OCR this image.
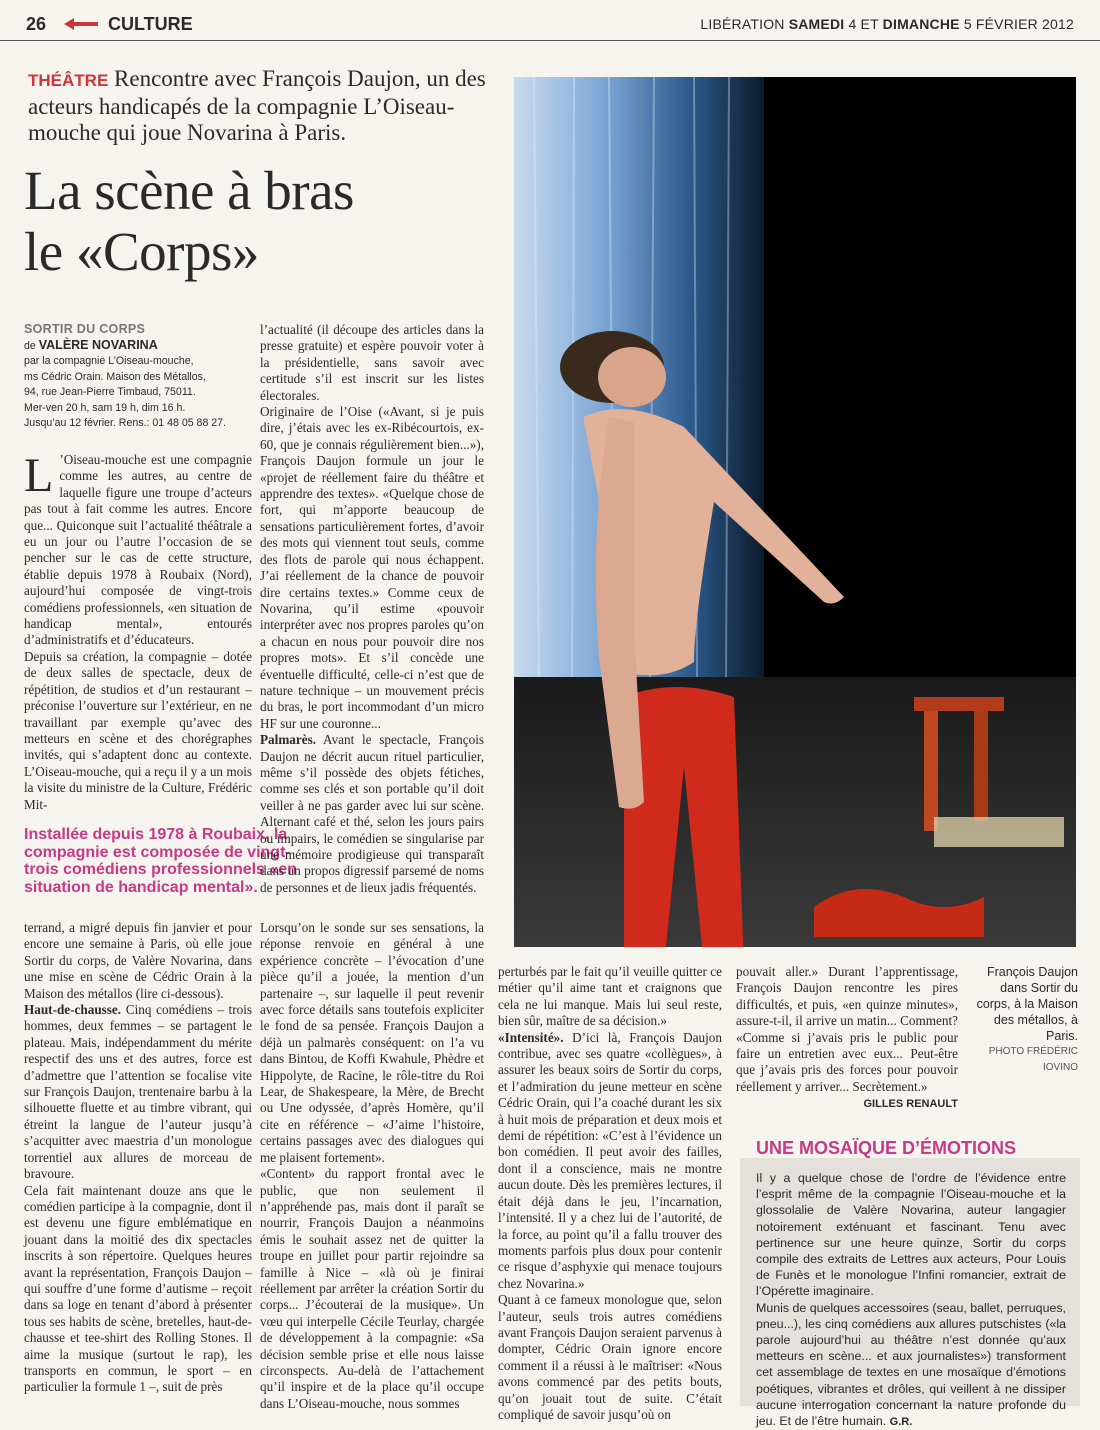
26	CULTURE	LIBÉRATION SAMEDI 4 ET DIMANCHE 5 FÉVRIER 2012
THÉÂTRE Rencontre avec François Daujon, un des acteurs handicapés de la compagnie L’Oiseau-mouche qui joue Novarina à Paris.
La scène à bras
le «Corps»
SORTIR DU CORPS
de VALÈRE NOVARINA
par la compagnie L’Oiseau-mouche,
ms Cédric Orain. Maison des Métallos,
94, rue Jean-Pierre Timbaud, 75011.
Mer-ven 20 h, sam 19 h, dim 16 h.
Jusqu’au 12 février. Rens.: 01 48 05 88 27.
L ’Oiseau-mouche est une compagnie comme les autres, au centre de laquelle figure une troupe d’acteurs pas tout à fait comme les autres. Encore que... Quiconque suit l’actualité théâtrale a eu un jour ou l’autre l’occasion de se pencher sur le cas de cette structure, établie depuis 1978 à Roubaix (Nord), aujourd’hui composée de vingt-trois comédiens professionnels, «en situation de handicap mental», entourés d’administratifs et d’éducateurs.

Depuis sa création, la compagnie – dotée de deux salles de spectacle, deux de répétition, de studios et d’un restaurant – préconise l’ouverture sur l’extérieur, en ne travaillant par exemple qu’avec des metteurs en scène et des chorégraphes invités, qui s’adaptent donc au contexte. L’Oiseau-mouche, qui a reçu il y a un mois la visite du ministre de la Culture, Frédéric Mit-

Installée depuis 1978 à Roubaix, la compagnie est composée de vingt-trois comédiens professionnels «en situation de handicap mental».

terrand, a migré depuis fin janvier et pour encore une semaine à Paris, où elle joue Sortir du corps, de Valère Novarina, dans une mise en scène de Cédric Orain à la Maison des métallos (lire ci-dessous).

Haut-de-chausse. Cinq comédiens – trois hommes, deux femmes – se partagent le plateau. Mais, indépendamment du mérite respectif des uns et des autres, force est d’admettre que l’attention se focalise vite sur François Daujon, trentenaire barbu à la silhouette fluette et au timbre vibrant, qui étreint la langue de l’auteur jusqu’à s’acquitter avec maestria d’un monologue torrentiel aux allures de morceau de bravoure.

Cela fait maintenant douze ans que le comédien participe à la compagnie, dont il est devenu une figure emblématique en jouant dans la moitié des dix spectacles inscrits à son répertoire. Quelques heures avant la représentation, François Daujon – qui souffre d’une forme d’autisme – reçoit dans sa loge en tenant d’abord à présenter tous ses habits de scène, bretelles, haut-de-chausse et tee-shirt des Rolling Stones. Il aime la musique (surtout le rap), les transports en commun, le sport – en particulier la formule 1 –, suit de près

l’actualité (il découpe des articles dans la presse gratuite) et espère pouvoir voter à la présidentielle, sans savoir avec certitude s’il est inscrit sur les listes électorales.

Originaire de l’Oise («Avant, si je puis dire, j’étais avec les ex-Ribécourtois, ex-60, que je connais régulièrement bien...»), François Daujon formule un jour le «projet de réellement faire du théâtre et apprendre des textes». «Quelque chose de fort, qui m’apporte beaucoup de sensations particulièrement fortes, d’avoir des mots qui viennent tout seuls, comme des flots de parole qui nous échappent. J’ai réellement de la chance de pouvoir dire certains textes.» Comme ceux de Novarina, qu’il estime «pouvoir interpréter avec nos propres paroles qu’on a chacun en nous pour pouvoir dire nos propres mots». Et s’il concède une éventuelle difficulté, celle-ci n’est que de nature technique – un mouvement précis du bras, le port incommodant d’un micro HF sur une couronne...

Palmarès. Avant le spectacle, François Daujon ne décrit aucun rituel particulier, même s’il possède des objets fétiches, comme ses clés et son portable qu’il doit veiller à ne pas garder avec lui sur scène. Alternant café et thé, selon les jours pairs ou impairs, le comédien se singularise par une mémoire prodigieuse qui transparaît dans un propos digressif parsemé de noms de personnes et de lieux jadis fréquentés.

Lorsqu’on le sonde sur ses sensations, la réponse renvoie en général à une expérience concrète – l’évocation d’une pièce qu’il a jouée, la mention d’un partenaire –, sur laquelle il peut revenir avec force détails sans toutefois expliciter le fond de sa pensée. François Daujon a déjà un palmarès conséquent: on l’a vu dans Bintou, de Koffi Kwahule, Phèdre et Hippolyte, de Racine, le rôle-titre du Roi Lear, de Shakespeare, la Mère, de Brecht ou Une odyssée, d’après Homère, qu’il cite en référence – «J’aime l’histoire, certains passages avec des dialogues qui me plaisent fortement».

«Content» du rapport frontal avec le public, que non seulement il n’appréhende pas, mais dont il paraît se nourrir, François Daujon a néanmoins émis le souhait assez net de quitter la troupe en juillet pour partir rejoindre sa famille à Nice – «là où je finirai réellement par arrêter la création Sortir du corps... J’écouterai de la musique». Un vœu qui interpelle Cécile Teurlay, chargée de développement à la compagnie: «Sa décision semble prise et elle nous laisse circonspects. Au-delà de l’attachement qu’il inspire et de la place qu’il occupe dans L’Oiseau-mouche, nous sommes

perturbés par le fait qu’il veuille quitter ce métier qu’il aime tant et craignons que cela ne lui manque. Mais lui seul reste, bien sûr, maître de sa décision.»

«Intensité». D’ici là, François Daujon contribue, avec ses quatre «collègues», à assurer les beaux soirs de Sortir du corps, et l’admiration du jeune metteur en scène Cédric Orain, qui l’a coaché durant les six à huit mois de préparation et deux mois et demi de répétition: «C’est à l’évidence un bon comédien. Il peut avoir des failles, dont il a conscience, mais ne montre aucun doute. Dès les premières lectures, il était déjà dans le jeu, l’incarnation, l’intensité. Il y a chez lui de l’autorité, de la force, au point qu’il a fallu trouver des moments parfois plus doux pour contenir ce risque d’asphyxie qui menace toujours chez Novarina.»

Quant à ce fameux monologue que, selon l’auteur, seuls trois autres comédiens avant François Daujon seraient parvenus à dompter, Cédric Orain ignore encore comment il a réussi à le maîtriser: «Nous avons commencé par des petits bouts, qu’on jouait tout de suite. C’était compliqué de savoir jusqu’où on

pouvait aller.» Durant l’apprentissage, François Daujon rencontre les pires difficultés, et puis, «en quinze minutes», assure-t-il, il arrive un matin... Comment? «Comme si j’avais pris le public pour faire un entretien avec eux... Peut-être que j’avais pris des forces pour pouvoir réellement y arriver... Secrètement.»

GILLES RENAULT

François Daujon dans Sortir du corps, à la Maison des métallos, à Paris.
PHOTO FRÉDÉRIC IOVINO
UNE MOSAÏQUE D’ÉMOTIONS

Il y a quelque chose de l’ordre de l’évidence entre l’esprit même de la compagnie l’Oiseau-mouche et la glossolalie de Valère Novarina, auteur langagier notoirement exténuant et fascinant. Tenu avec pertinence sur une heure quinze, Sortir du corps compile des extraits de Lettres aux acteurs, Pour Louis de Funès et le monologue l’Infini romancier, extrait de l’Opérette imaginaire.

Munis de quelques accessoires (seau, ballet, perruques, pneu...), les cinq comédiens aux allures putschistes («la parole aujourd’hui au théâtre n’est donnée qu’aux metteurs en scène... et aux journalistes») transforment cet assemblage de textes en une mosaïque d’émotions poétiques, vibrantes et drôles, qui veillent à ne dissiper aucune interrogation concernant la nature profonde du jeu. Et de l’être humain. G.R.
